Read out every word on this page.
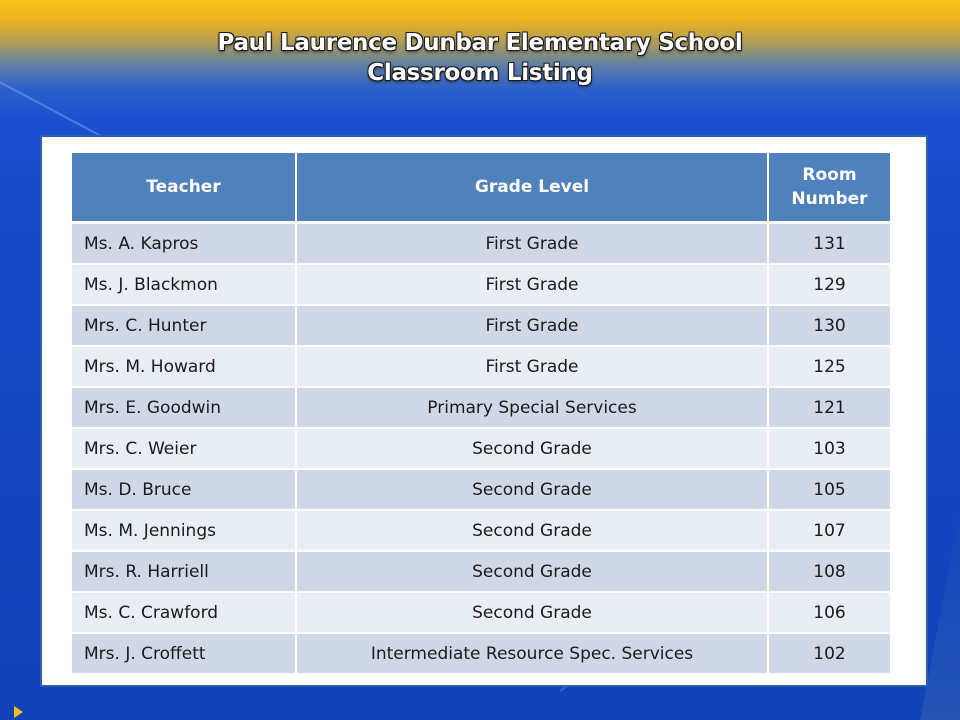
Paul Laurence Dunbar Elementary School
Classroom Listing
Teacher	Grade Level	Room Number
Ms. A. Kapros	First Grade	131
Ms. J. Blackmon	First Grade	129
Mrs. C. Hunter	First Grade	130
Mrs. M. Howard	First Grade	125
Mrs. E. Goodwin	Primary Special Services	121
Mrs. C. Weier	Second Grade	103
Ms. D. Bruce	Second Grade	105
Ms. M. Jennings	Second Grade	107
Mrs. R. Harriell	Second Grade	108
Ms. C. Crawford	Second Grade	106
Mrs. J. Croffett	Intermediate Resource Spec. Services	102
